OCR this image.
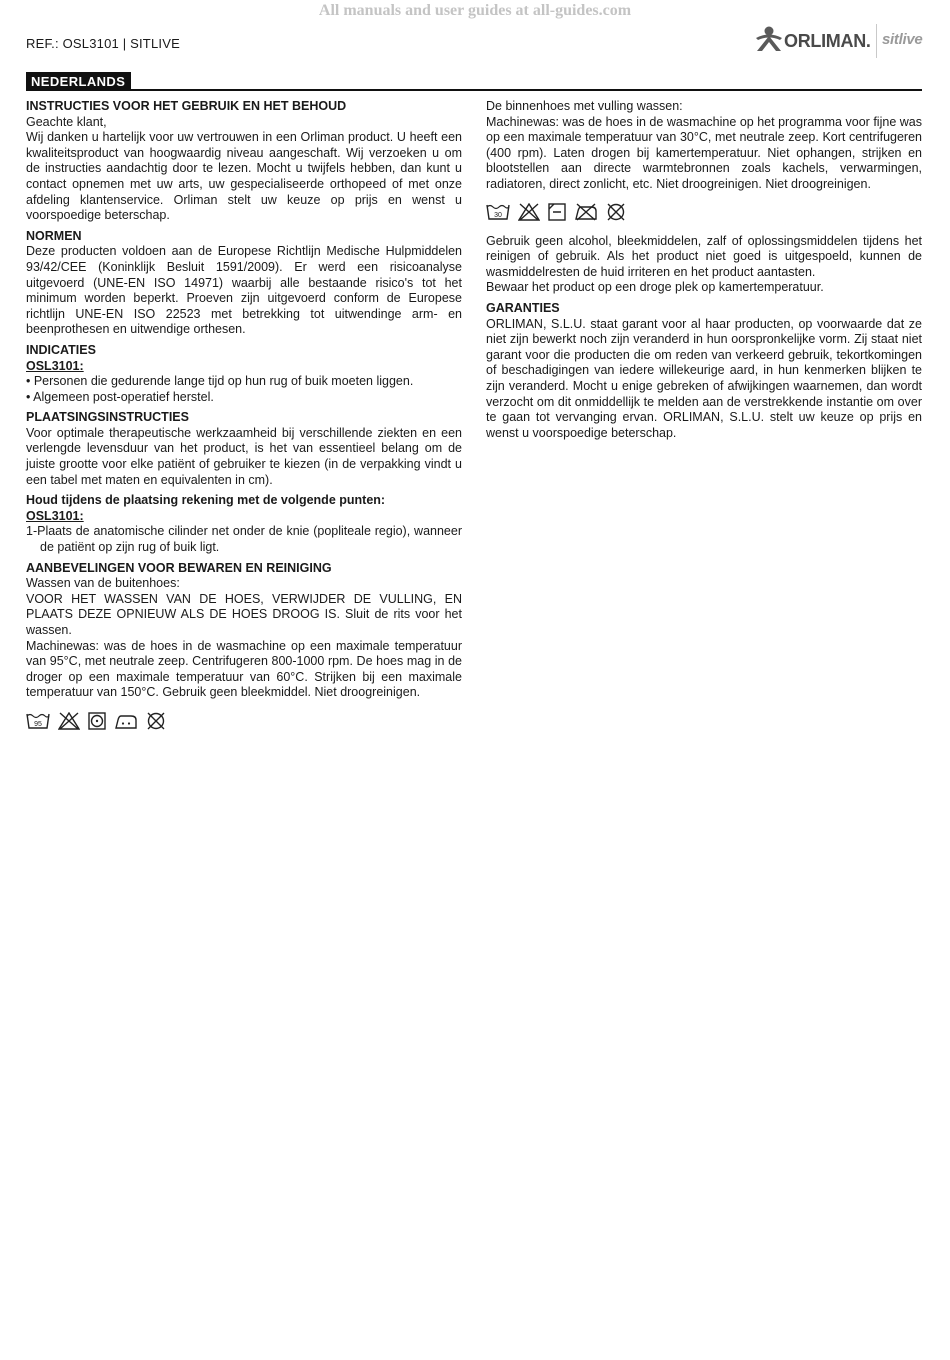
All manuals and user guides at all-guides.com
REF.: OSL3101 | SITLIVE	ORLIMAN. sitlive
NEDERLANDS
INSTRUCTIES VOOR HET GEBRUIK EN HET BEHOUD

Geachte klant,

Wij danken u hartelijk voor uw vertrouwen in een Orliman product. U heeft een kwaliteitsproduct van hoogwaardig niveau aangeschaft. Wij verzoeken u om de instructies aandachtig door te lezen. Mocht u twijfels hebben, dan kunt u contact opnemen met uw arts, uw gespecialiseerde orthopeed of met onze afdeling klantenservice. Orliman stelt uw keuze op prijs en wenst u voorspoedige beterschap.

NORMEN

Deze producten voldoen aan de Europese Richtlijn Medische Hulpmiddelen 93/42/CEE (Koninklijk Besluit 1591/2009). Er werd een risicoanalyse uitgevoerd (UNE-EN ISO 14971) waarbij alle bestaande risico's tot het minimum worden beperkt. Proeven zijn uitgevoerd conform de Europese richtlijn UNE-EN ISO 22523 met betrekking tot uitwendinge arm- en beenprothesen en uitwendige orthesen.

INDICATIES

OSL3101:

• Personen die gedurende lange tijd op hun rug of buik moeten liggen.
• Algemeen post-operatief herstel.
PLAATSINGSINSTRUCTIES

Voor optimale therapeutische werkzaamheid bij verschillende ziekten en een verlengde levensduur van het product, is het van essentieel belang om de juiste grootte voor elke patiënt of gebruiker te kiezen (in de verpakking vindt u een tabel met maten en equivalenten in cm).

Houd tijdens de plaatsing rekening met de volgende punten:

OSL3101:

1-Plaats de anatomische cilinder net onder de knie (popliteale regio), wanneer de patiënt op zijn rug of buik ligt.

AANBEVELINGEN VOOR BEWAREN EN REINIGING

Wassen van de buitenhoes:

VOOR HET WASSEN VAN DE HOES, VERWIJDER DE VULLING, EN PLAATS DEZE OPNIEUW ALS DE HOES DROOG IS. Sluit de rits voor het wassen.

Machinewas: was de hoes in de wasmachine op een maximale temperatuur van 95°C, met neutrale zeep. Centrifugeren 800-1000 rpm. De hoes mag in de droger op een maximale temperatuur van 60°C. Strijken bij een maximale temperatuur van 150°C. Gebruik geen bleekmiddel. Niet droogreinigen.

95

De binnenhoes met vulling wassen:

Machinewas: was de hoes in de wasmachine op het programma voor fijne was op een maximale temperatuur van 30°C, met neutrale zeep. Kort centrifugeren (400 rpm). Laten drogen bij kamertemperatuur. Niet ophangen, strijken en blootstellen aan directe warmtebronnen zoals kachels, verwarmingen, radiatoren, direct zonlicht, etc. Niet droogreinigen. Niet droogreinigen.

30

Gebruik geen alcohol, bleekmiddelen, zalf of oplossingsmiddelen tijdens het reinigen of gebruik. Als het product niet goed is uitgespoeld, kunnen de wasmiddelresten de huid irriteren en het product aantasten.

Bewaar het product op een droge plek op kamertemperatuur.

GARANTIES

ORLIMAN, S.L.U. staat garant voor al haar producten, op voorwaarde dat ze niet zijn bewerkt noch zijn veranderd in hun oorspronkelijke vorm. Zij staat niet garant voor die producten die om reden van verkeerd gebruik, tekortkomingen of beschadigingen van iedere willekeurige aard, in hun kenmerken blijken te zijn veranderd. Mocht u enige gebreken of afwijkingen waarnemen, dan wordt verzocht om dit onmiddellijk te melden aan de verstrekkende instantie om over te gaan tot vervanging ervan. ORLIMAN, S.L.U. stelt uw keuze op prijs en wenst u voorspoedige beterschap.
